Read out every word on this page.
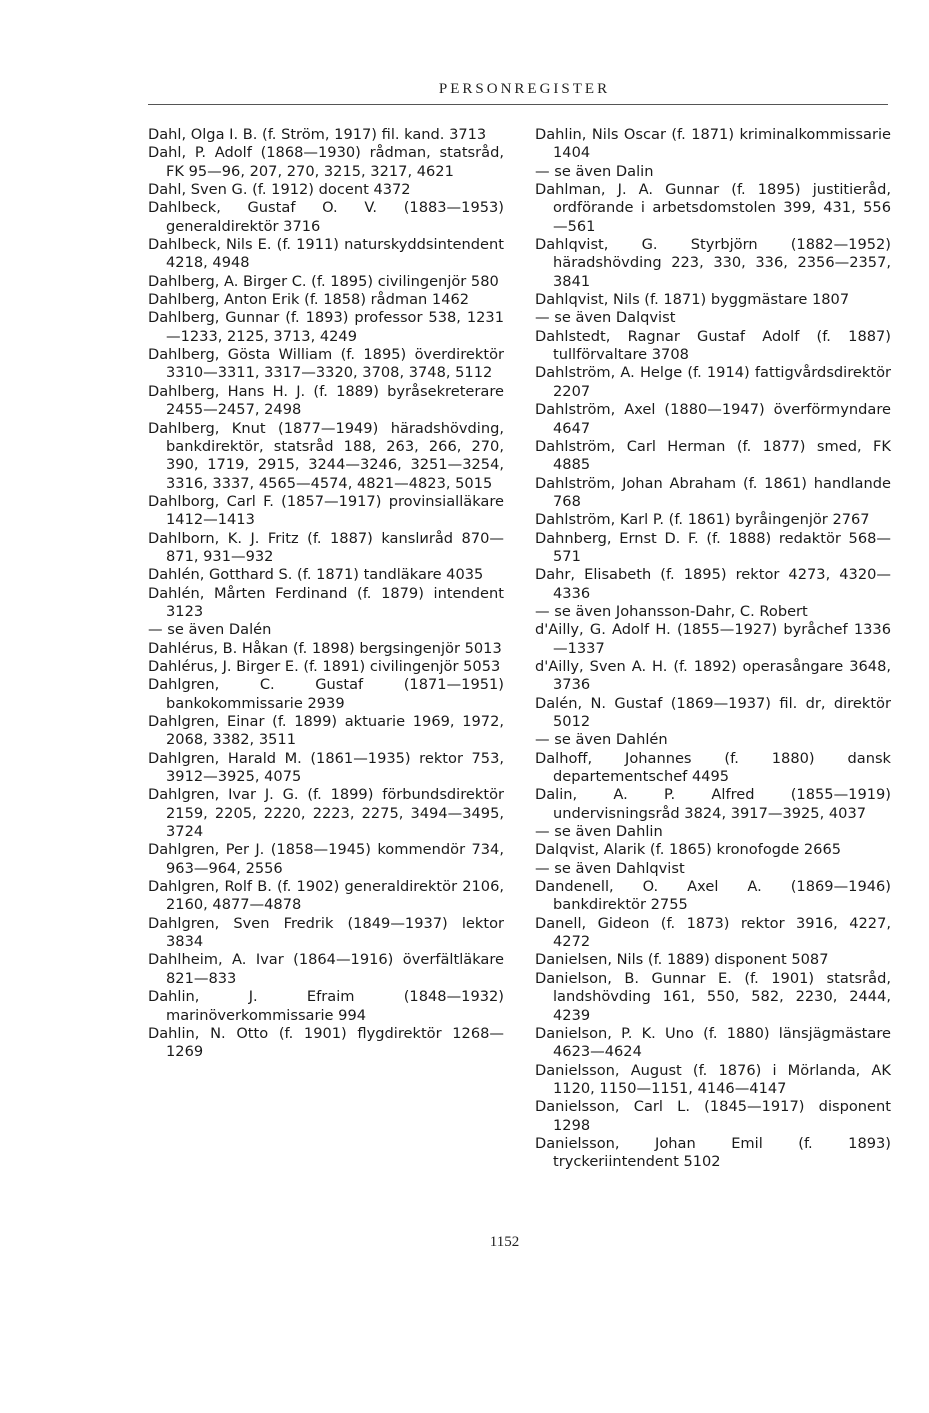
PERSONREGISTER

Dahl, Olga I. B. (f. Ström, 1917) fil. kand. 3713

Dahl, P. Adolf (1868—1930) rådman, statsråd, FK 95—96, 207, 270, 3215, 3217, 4621

Dahl, Sven G. (f. 1912) docent 4372

Dahlbeck, Gustaf O. V. (1883—1953) generaldirektör 3716

Dahlbeck, Nils E. (f. 1911) naturskyddsintendent 4218, 4948

Dahlberg, A. Birger C. (f. 1895) civilingenjör 580

Dahlberg, Anton Erik (f. 1858) rådman 1462

Dahlberg, Gunnar (f. 1893) professor 538, 1231—1233, 2125, 3713, 4249

Dahlberg, Gösta William (f. 1895) överdirektör 3310—3311, 3317—3320, 3708, 3748, 5112

Dahlberg, Hans H. J. (f. 1889) byråsekreterare 2455—2457, 2498

Dahlberg, Knut (1877—1949) häradshövding, bankdirektör, statsråd 188, 263, 266, 270, 390, 1719, 2915, 3244—3246, 3251—3254, 3316, 3337, 4565—4574, 4821—4823, 5015

Dahlborg, Carl F. (1857—1917) provinsialläkare 1412—1413

Dahlborn, K. J. Fritz (f. 1887) kanslиråd 870—871, 931—932

Dahlén, Gotthard S. (f. 1871) tandläkare 4035

Dahlén, Mårten Ferdinand (f. 1879) intendent 3123

— se även Dalén

Dahlérus, B. Håkan (f. 1898) bergsingenjör 5013

Dahlérus, J. Birger E. (f. 1891) civilingenjör 5053

Dahlgren, C. Gustaf (1871—1951) bankokommissarie 2939

Dahlgren, Einar (f. 1899) aktuarie 1969, 1972, 2068, 3382, 3511

Dahlgren, Harald M. (1861—1935) rektor 753, 3912—3925, 4075

Dahlgren, Ivar J. G. (f. 1899) förbundsdirektör 2159, 2205, 2220, 2223, 2275, 3494—3495, 3724

Dahlgren, Per J. (1858—1945) kommendör 734, 963—964, 2556

Dahlgren, Rolf B. (f. 1902) generaldirektör 2106, 2160, 4877—4878

Dahlgren, Sven Fredrik (1849—1937) lektor 3834

Dahlheim, A. Ivar (1864—1916) överfältläkare 821—833

Dahlin, J. Efraim (1848—1932) marinöverkommissarie 994

Dahlin, N. Otto (f. 1901) flygdirektör 1268—1269

Dahlin, Nils Oscar (f. 1871) kriminalkommissarie 1404

— se även Dalin

Dahlman, J. A. Gunnar (f. 1895) justitieråd, ordförande i arbetsdomstolen 399, 431, 556—561

Dahlqvist, G. Styrbjörn (1882—1952) häradshövding 223, 330, 336, 2356—2357, 3841

Dahlqvist, Nils (f. 1871) byggmästare 1807

— se även Dalqvist

Dahlstedt, Ragnar Gustaf Adolf (f. 1887) tullförvaltare 3708

Dahlström, A. Helge (f. 1914) fattigvårdsdirektör 2207

Dahlström, Axel (1880—1947) överförmyndare 4647

Dahlström, Carl Herman (f. 1877) smed, FK 4885

Dahlström, Johan Abraham (f. 1861) handlande 768

Dahlström, Karl P. (f. 1861) byråingenjör 2767

Dahnberg, Ernst D. F. (f. 1888) redaktör 568—571

Dahr, Elisabeth (f. 1895) rektor 4273, 4320—4336

— se även Johansson-Dahr, C. Robert

d'Ailly, G. Adolf H. (1855—1927) byråchef 1336—1337

d'Ailly, Sven A. H. (f. 1892) operasångare 3648, 3736

Dalén, N. Gustaf (1869—1937) fil. dr, direktör 5012

— se även Dahlén

Dalhoff, Johannes (f. 1880) dansk departementschef 4495

Dalin, A. P. Alfred (1855—1919) undervisningsråd 3824, 3917—3925, 4037

— se även Dahlin

Dalqvist, Alarik (f. 1865) kronofogde 2665

— se även Dahlqvist

Dandenell, O. Axel A. (1869—1946) bankdirektör 2755

Danell, Gideon (f. 1873) rektor 3916, 4227, 4272

Danielsen, Nils (f. 1889) disponent 5087

Danielson, B. Gunnar E. (f. 1901) statsråd, landshövding 161, 550, 582, 2230, 2444, 4239

Danielson, P. K. Uno (f. 1880) länsjägmästare 4623—4624

Danielsson, August (f. 1876) i Mörlanda, AK 1120, 1150—1151, 4146—4147

Danielsson, Carl L. (1845—1917) disponent 1298

Danielsson, Johan Emil (f. 1893) tryckeriintendent 5102

1152
